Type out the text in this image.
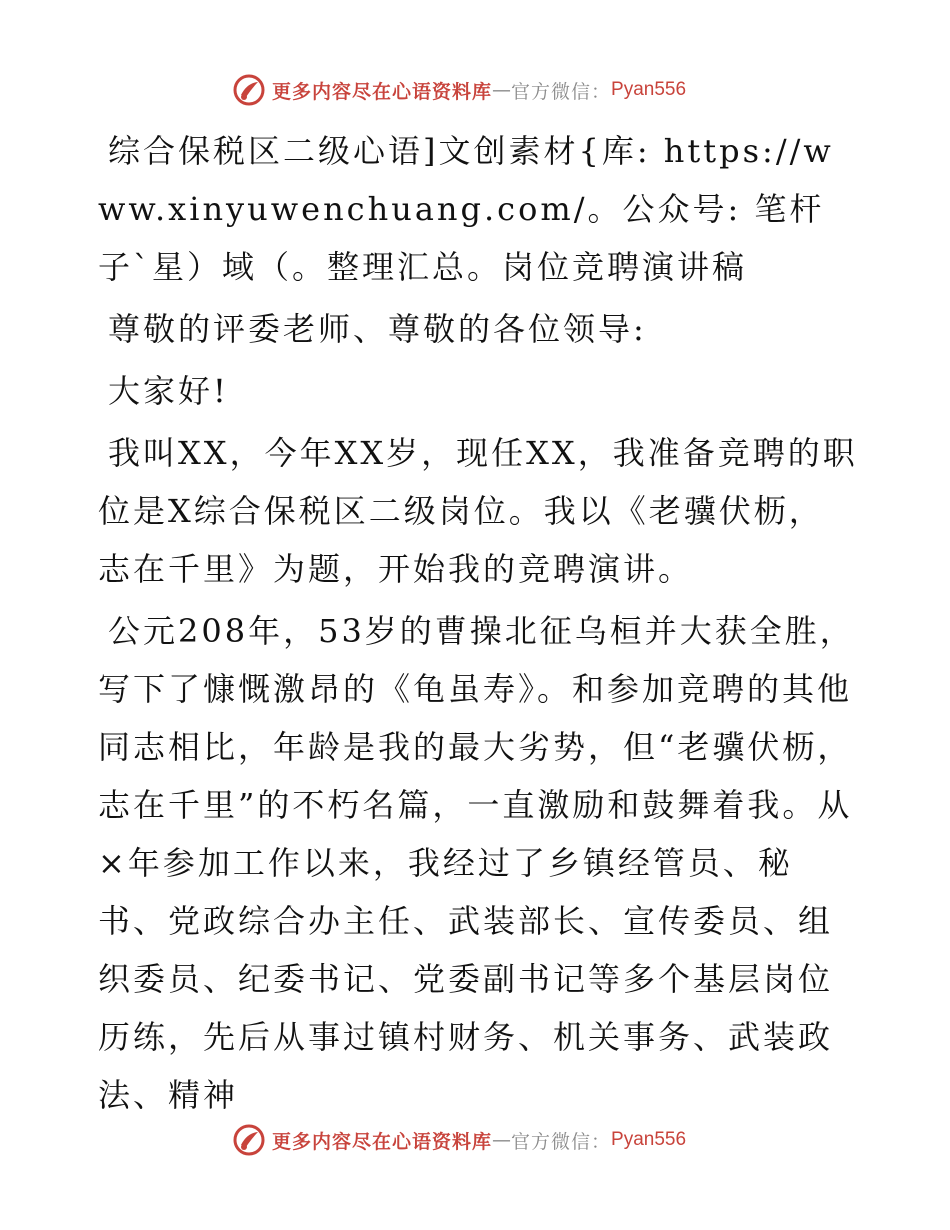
更多内容尽在心语资料库 — 官方微信： Pyan556

综合保税区二级心语]文创素材{库: https://www.xinyuwenchuang.com/。公众号: 笔杆子`星）域（。整理汇总。岗位竞聘演讲稿

尊敬的评委老师、尊敬的各位领导:

大家好!

我叫XX，今年XX岁，现任XX，我准备竞聘的职位是X综合保税区二级岗位。我以《老骥伏枥，志在千里》为题，开始我的竞聘演讲。

公元208年，53岁的曹操北征乌桓并大获全胜，写下了慷慨激昂的《龟虽寿》。和参加竞聘的其他同志相比，年龄是我的最大劣势，但“老骥伏枥，志在千里”的不朽名篇，一直激励和鼓舞着我。从×年参加工作以来，我经过了乡镇经管员、秘书、党政综合办主任、武装部长、宣传委员、组织委员、纪委书记、党委副书记等多个基层岗位历练，先后从事过镇村财务、机关事务、武装政法、精神

更多内容尽在心语资料库 — 官方微信： Pyan556
